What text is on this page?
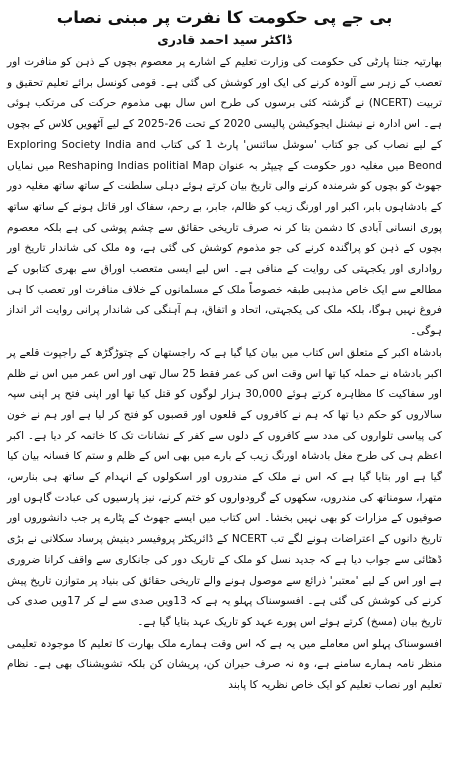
بی جے پی حکومت کا نفرت پر مبنی نصاب
ڈاکٹر سید احمد قادری

بھارتیہ جنتا پارٹی کی حکومت کی وزارت تعلیم کے اشارے پر معصوم بچوں کے ذہن کو منافرت اور تعصب کے زہر سے آلودہ کرنے کی ایک اور کوشش کی گئی ہے۔ قومی کونسل برائے تعلیم تحقیق و تربیت (NCERT) نے گزشتہ کئی برسوں کی طرح اس سال بھی مذموم حرکت کی مرتکب ہوئی ہے۔ اس ادارہ نے نیشنل ایجوکیشن پالیسی 2020 کے تحت 26-2025 کے لیے آٹھویں کلاس کے بچوں کے لیے نصاب کی جو کتاب 'سوشل سائنس' پارٹ 1 کی کتاب Exploring Society India and Beond میں مغلیہ دور حکومت کے چیپٹر بہ عنوان Reshaping Indias politial Map میں نمایاں جھوٹ کو بچوں کو شرمندہ کرنے والی تاریخ بیان کرتے ہوئے دہلی سلطنت کے ساتھ ساتھ مغلیہ دور کے بادشاہوں بابر، اکبر اور اورنگ زیب کو ظالم، جابر، بے رحم، سفاک اور قاتل ہونے کے ساتھ ساتھ پوری انسانی آبادی کا دشمن بتا کر نہ صرف تاریخی حقائق سے چشم پوشی کی ہے بلکہ معصوم بچوں کے ذہن کو پراگندہ کرنے کی جو مذموم کوشش کی گئی ہے، وہ ملک کی شاندار تاریخ اور رواداری اور یکجہتی کی روایت کے منافی ہے۔ اس لیے ایسی متعصب اوراق سے بھری کتابوں کے مطالعے سے ایک خاص مذہبی طبقہ خصوصاً ملک کے مسلمانوں کے خلاف منافرت اور تعصب کا ہی فروغ نہیں ہوگا، بلکہ ملک کی یکجہتی، اتحاد و اتفاق، ہم آہنگی کی شاندار پرانی روایت اثر انداز ہوگی۔

بادشاہ اکبر کے متعلق اس کتاب میں بیان کیا گیا ہے کہ راجستھان کے چتوڑگڑھ کے راجپوت قلعے پر اکبر بادشاہ نے حملہ کیا تھا اس وقت اس کی عمر فقط 25 سال تھی اور اس عمر میں اس نے ظلم اور سفاکیت کا مظاہرہ کرتے ہوئے 30,000 ہزار لوگوں کو قتل کیا تھا اور اپنی فتح پر اپنی سپہ سالاروں کو حکم دیا تھا کہ ہم نے کافروں کے قلعوں اور قصبوں کو فتح کر لیا ہے اور ہم نے خون کی پیاسی تلواروں کی مدد سے کافروں کے دلوں سے کفر کے نشانات تک کا خاتمہ کر دیا ہے۔ اکبر اعظم ہی کی طرح مغل بادشاہ اورنگ زیب کے بارے میں بھی اس کے ظلم و ستم کا فسانہ بیان کیا گیا ہے اور بتایا گیا ہے کہ اس نے ملک کے مندروں اور اسکولوں کے انہدام کے ساتھ ہی بنارس، متھرا، سومناتھ کی مندروں، سکھوں کے گرودواروں کو ختم کرنے، نیز پارسیوں کی عبادت گاہوں اور صوفیوں کے مزارات کو بھی نہیں بخشا۔ اس کتاب میں ایسے جھوٹ کے پٹارے پر جب دانشوروں اور تاریخ دانوں کے اعتراضات ہونے لگے تب NCERT کے ڈائریکٹر پروفیسر دینیش پرساد سکلانی نے بڑی ڈھٹائی سے جواب دیا ہے کہ جدید نسل کو ملک کے تاریک دور کی جانکاری سے واقف کرانا ضروری ہے اور اس کے لیے 'معتبر' ذرائع سے موصول ہونے والے تاریخی حقائق کی بنیاد پر متوازن تاریخ پیش کرنے کی کوشش کی گئی ہے۔ افسوسناک پہلو یہ ہے کہ 13ویں صدی سے لے کر 17ویں صدی کی تاریخ بیان (مسخ) کرتے ہوئے اس پورے عہد کو تاریک عہد بتایا گیا ہے۔

افسوسناک پہلو اس معاملے میں یہ ہے کہ اس وقت ہمارے ملک بھارت کا تعلیم کا موجودہ تعلیمی منظر نامہ ہمارے سامنے ہے، وہ نہ صرف حیران کن، پریشان کن بلکہ تشویشناک بھی ہے۔ نظام تعلیم اور نصاب تعلیم کو ایک خاص نظریہ کا پابند
